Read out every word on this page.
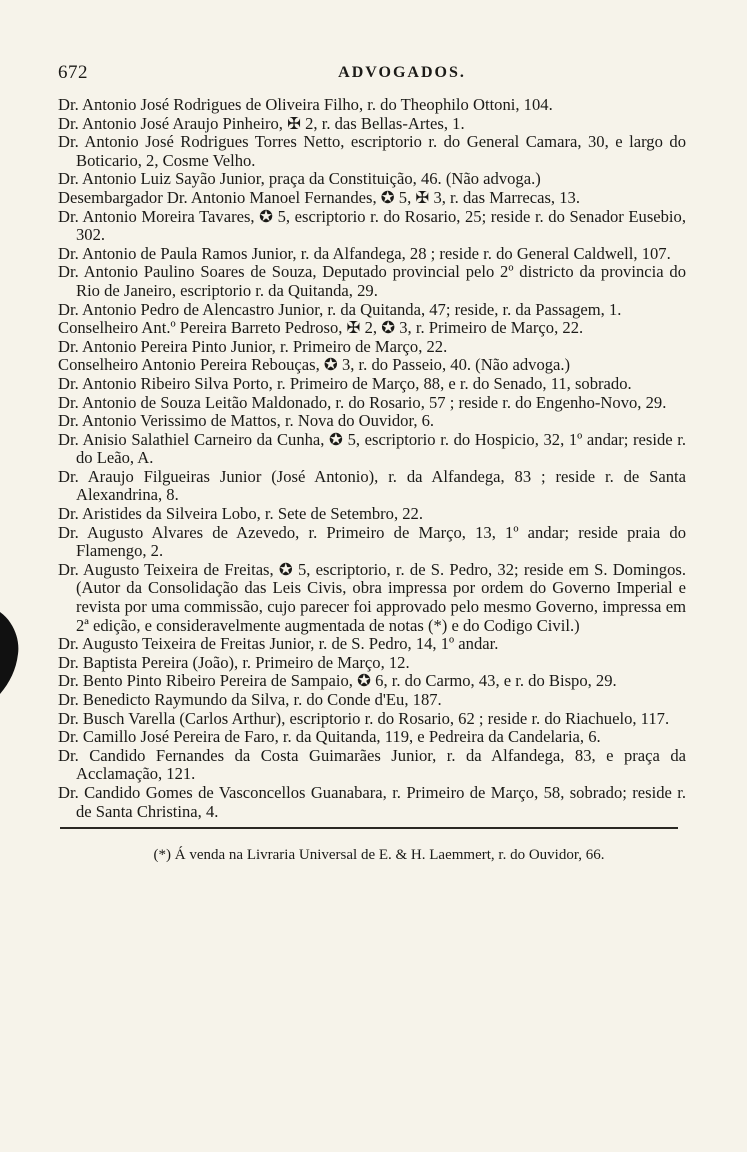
672	ADVOGADOS.

Dr. Antonio José Rodrigues de Oliveira Filho, r. do Theophilo Ottoni, 104.

Dr. Antonio José Araujo Pinheiro, ✠ 2, r. das Bellas-Artes, 1.

Dr. Antonio José Rodrigues Torres Netto, escriptorio r. do General Camara, 30, e largo do Boticario, 2, Cosme Velho.

Dr. Antonio Luiz Sayão Junior, praça da Constituição, 46. (Não advoga.)

Desembargador Dr. Antonio Manoel Fernandes, ✪ 5, ✠ 3, r. das Marrecas, 13.

Dr. Antonio Moreira Tavares, ✪ 5, escriptorio r. do Rosario, 25; reside r. do Senador Eusebio, 302.

Dr. Antonio de Paula Ramos Junior, r. da Alfandega, 28 ; reside r. do General Caldwell, 107.

Dr. Antonio Paulino Soares de Souza, Deputado provincial pelo 2º districto da provincia do Rio de Janeiro, escriptorio r. da Quitanda, 29.

Dr. Antonio Pedro de Alencastro Junior, r. da Quitanda, 47; reside, r. da Passagem, 1.

Conselheiro Ant.º Pereira Barreto Pedroso, ✠ 2, ✪ 3, r. Primeiro de Março, 22.

Dr. Antonio Pereira Pinto Junior, r. Primeiro de Março, 22.

Conselheiro Antonio Pereira Rebouças, ✪ 3, r. do Passeio, 40. (Não advoga.)

Dr. Antonio Ribeiro Silva Porto, r. Primeiro de Março, 88, e r. do Senado, 11, sobrado.

Dr. Antonio de Souza Leitão Maldonado, r. do Rosario, 57 ; reside r. do Engenho-Novo, 29.

Dr. Antonio Verissimo de Mattos, r. Nova do Ouvidor, 6.

Dr. Anisio Salathiel Carneiro da Cunha, ✪ 5, escriptorio r. do Hospicio, 32, 1º andar; reside r. do Leão, A.

Dr. Araujo Filgueiras Junior (José Antonio), r. da Alfandega, 83 ; reside r. de Santa Alexandrina, 8.

Dr. Aristides da Silveira Lobo, r. Sete de Setembro, 22.

Dr. Augusto Alvares de Azevedo, r. Primeiro de Março, 13, 1º andar; reside praia do Flamengo, 2.

Dr. Augusto Teixeira de Freitas, ✪ 5, escriptorio, r. de S. Pedro, 32; reside em S. Domingos. (Autor da Consolidação das Leis Civis, obra impressa por ordem do Governo Imperial e revista por uma commissão, cujo parecer foi approvado pelo mesmo Governo, impressa em 2ª edição, e consideravelmente augmentada de notas (*) e do Codigo Civil.)

Dr. Augusto Teixeira de Freitas Junior, r. de S. Pedro, 14, 1º andar.

Dr. Baptista Pereira (João), r. Primeiro de Março, 12.

Dr. Bento Pinto Ribeiro Pereira de Sampaio, ✪ 6, r. do Carmo, 43, e r. do Bispo, 29.

Dr. Benedicto Raymundo da Silva, r. do Conde d'Eu, 187.

Dr. Busch Varella (Carlos Arthur), escriptorio r. do Rosario, 62 ; reside r. do Riachuelo, 117.

Dr. Camillo José Pereira de Faro, r. da Quitanda, 119, e Pedreira da Candelaria, 6.

Dr. Candido Fernandes da Costa Guimarães Junior, r. da Alfandega, 83, e praça da Acclamação, 121.

Dr. Candido Gomes de Vasconcellos Guanabara, r. Primeiro de Março, 58, sobrado; reside r. de Santa Christina, 4.

(*) Á venda na Livraria Universal de E. & H. Laemmert, r. do Ouvidor, 66.
